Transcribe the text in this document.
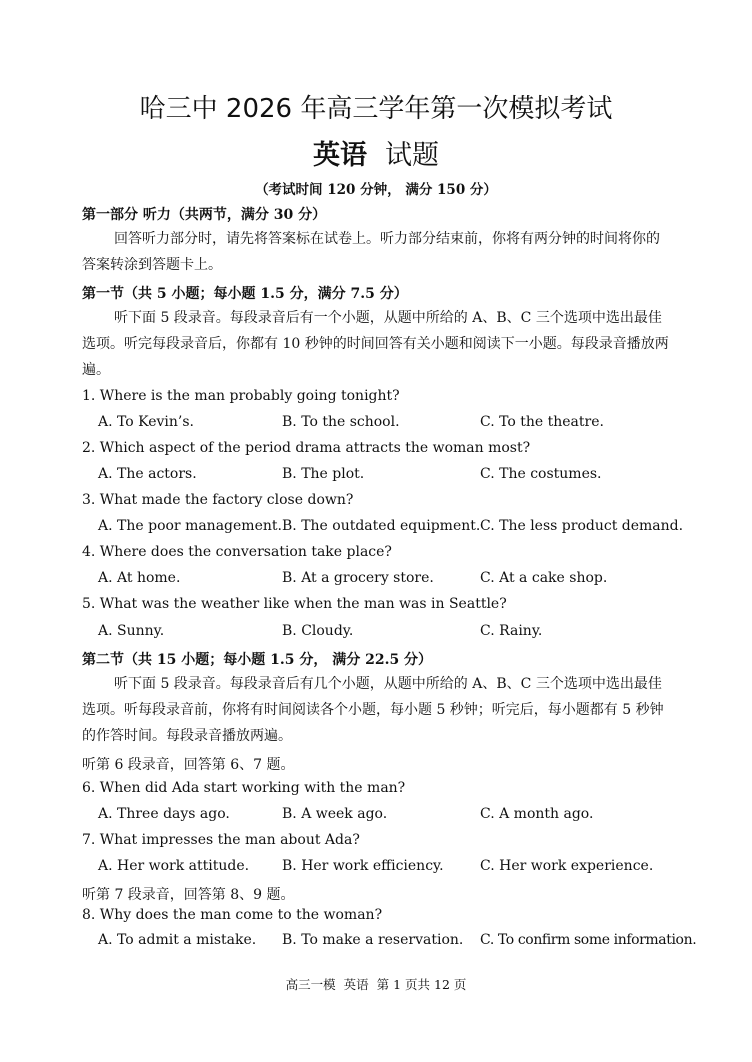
哈三中 2026 年高三学年第一次模拟考试
英语 试题
（考试时间 120 分钟， 满分 150 分）
第一部分 听力（共两节，满分 30 分）
回答听力部分时，请先将答案标在试卷上。听力部分结束前，你将有两分钟的时间将你的答案转涂到答题卡上。
第一节（共 5 小题；每小题 1.5 分，满分 7.5 分）
听下面 5 段录音。每段录音后有一个小题，从题中所给的 A、B、C 三个选项中选出最佳选项。听完每段录音后，你都有 10 秒钟的时间回答有关小题和阅读下一小题。每段录音播放两遍。
1. Where is the man probably going tonight?
A. To Kevin’s.	B. To the school.	C. To the theatre.
2. Which aspect of the period drama attracts the woman most?
A. The actors.	B. The plot.	C. The costumes.
3. What made the factory close down?
A. The poor management. B. The outdated equipment. C. The less product demand.
4. Where does the conversation take place?
A. At home.	B. At a grocery store.	C. At a cake shop.
5. What was the weather like when the man was in Seattle?
A. Sunny.	B. Cloudy.	C. Rainy.
第二节（共 15 小题；每小题 1.5 分， 满分 22.5 分）
听下面 5 段录音。每段录音后有几个小题，从题中所给的 A、B、C 三个选项中选出最佳选项。听每段录音前，你将有时间阅读各个小题，每小题 5 秒钟；听完后，每小题都有 5 秒钟的作答时间。每段录音播放两遍。
听第 6 段录音，回答第 6、7 题。
6. When did Ada start working with the man?
A. Three days ago.	B. A week ago.	C. A month ago.
7. What impresses the man about Ada?
A. Her work attitude. B. Her work efficiency.	C. Her work experience.
听第 7 段录音，回答第 8、9 题。
8. Why does the man come to the woman?
A. To admit a mistake. B. To make a reservation. C. To confirm some information.
高三一模 英语 第 1 页共 12 页
